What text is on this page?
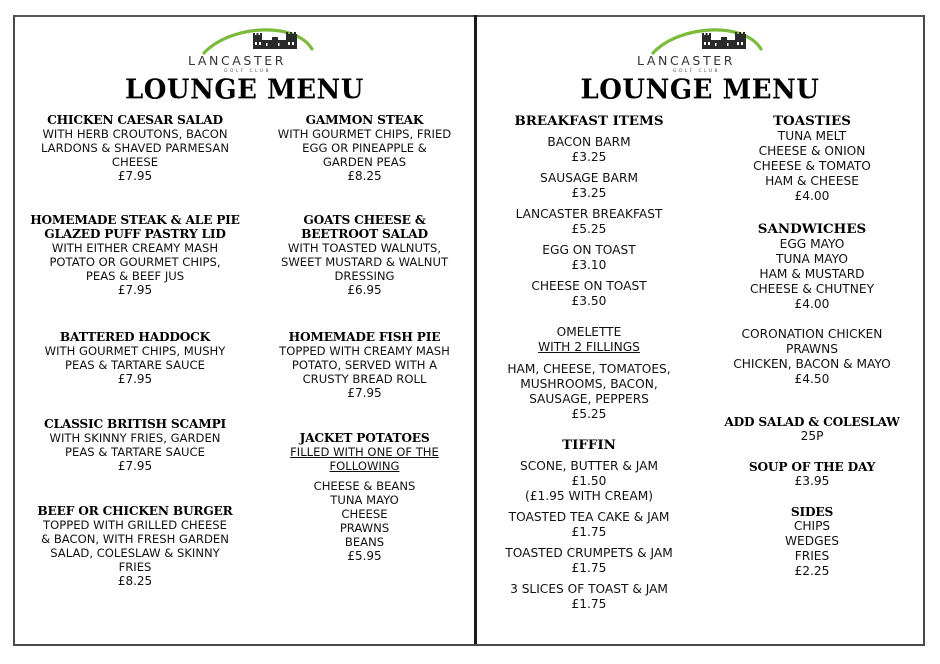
LANCASTER
GOLF CLUB
LOUNGE MENU
CHICKEN CAESAR SALAD
WITH HERB CROUTONS, BACON
LARDONS & SHAVED PARMESAN
CHEESE
£7.95
HOMEMADE STEAK & ALE PIE
GLAZED PUFF PASTRY LID
WITH EITHER CREAMY MASH
POTATO OR GOURMET CHIPS,
PEAS & BEEF JUS
£7.95
BATTERED HADDOCK
WITH GOURMET CHIPS, MUSHY
PEAS & TARTARE SAUCE
£7.95
CLASSIC BRITISH SCAMPI
WITH SKINNY FRIES, GARDEN
PEAS & TARTARE SAUCE
£7.95
BEEF OR CHICKEN BURGER
TOPPED WITH GRILLED CHEESE
& BACON, WITH FRESH GARDEN
SALAD, COLESLAW & SKINNY
FRIES
£8.25
GAMMON STEAK
WITH GOURMET CHIPS, FRIED
EGG OR PINEAPPLE &
GARDEN PEAS
£8.25
GOATS CHEESE &
BEETROOT SALAD
WITH TOASTED WALNUTS,
SWEET MUSTARD & WALNUT
DRESSING
£6.95
HOMEMADE FISH PIE
TOPPED WITH CREAMY MASH
POTATO, SERVED WITH A
CRUSTY BREAD ROLL
£7.95
JACKET POTATOES
FILLED WITH ONE OF THE
FOLLOWING
CHEESE & BEANS
TUNA MAYO
CHEESE
PRAWNS
BEANS
£5.95
LANCASTER
GOLF CLUB
LOUNGE MENU
BREAKFAST ITEMS
BACON BARM
£3.25
SAUSAGE BARM
£3.25
LANCASTER BREAKFAST
£5.25
EGG ON TOAST
£3.10
CHEESE ON TOAST
£3.50
OMELETTE
WITH 2 FILLINGS
HAM, CHEESE, TOMATOES,
MUSHROOMS, BACON,
SAUSAGE, PEPPERS
£5.25
TIFFIN
SCONE, BUTTER & JAM
£1.50
(£1.95 WITH CREAM)
TOASTED TEA CAKE & JAM
£1.75
TOASTED CRUMPETS & JAM
£1.75
3 SLICES OF TOAST & JAM
£1.75
TOASTIES
TUNA MELT
CHEESE & ONION
CHEESE & TOMATO
HAM & CHEESE
£4.00
SANDWICHES
EGG MAYO
TUNA MAYO
HAM & MUSTARD
CHEESE & CHUTNEY
£4.00
CORONATION CHICKEN
PRAWNS
CHICKEN, BACON & MAYO
£4.50
ADD SALAD & COLESLAW
25P
SOUP OF THE DAY
£3.95
SIDES
CHIPS
WEDGES
FRIES
£2.25
